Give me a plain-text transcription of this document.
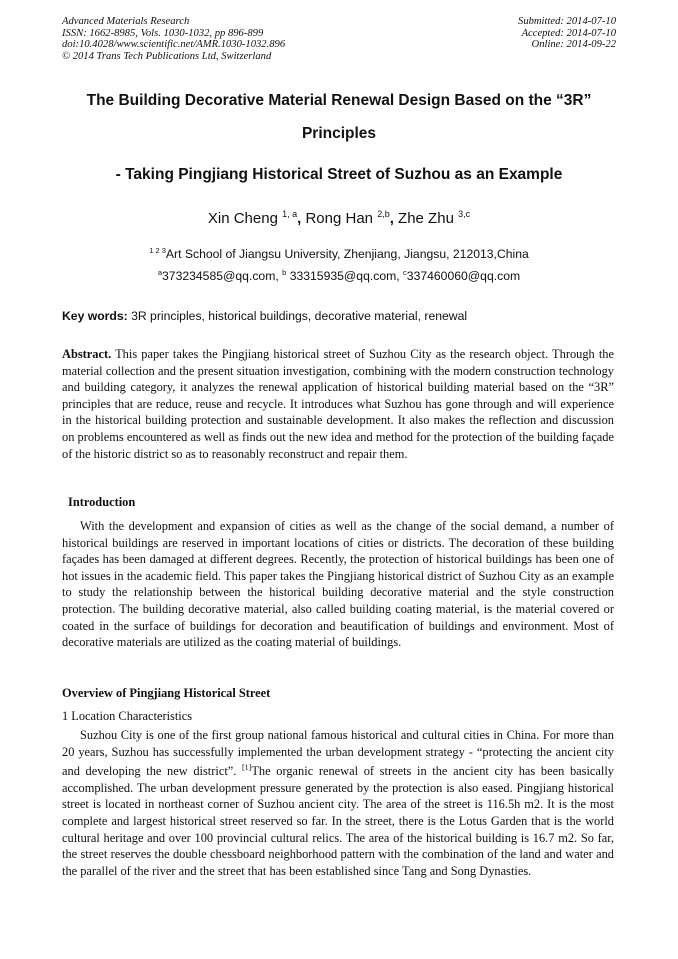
Advanced Materials Research
ISSN: 1662-8985, Vols. 1030-1032, pp 896-899
doi:10.4028/www.scientific.net/AMR.1030-1032.896
© 2014 Trans Tech Publications Ltd, Switzerland
Submitted: 2014-07-10
Accepted: 2014-07-10
Online: 2014-09-22
The Building Decorative Material Renewal Design Based on the “3R”
Principles
- Taking Pingjiang Historical Street of Suzhou as an Example
Xin Cheng $^{1, a}$, Rong Han $^{2,b}$, Zhe Zhu $^{3,c}$
$^{1 2 3}$Art School of Jiangsu University, Zhenjiang, Jiangsu, 212013,China
$^a$373234585@qq.com, $^b$ 33315935@qq.com, $^c$337460060@qq.com
Key words: 3R principles, historical buildings, decorative material, renewal
Abstract. This paper takes the Pingjiang historical street of Suzhou City as the research object. Through the material collection and the present situation investigation, combining with the modern construction technology and building category, it analyzes the renewal application of historical building material based on the “3R” principles that are reduce, reuse and recycle. It introduces what Suzhou has gone through and will experience in the historical building protection and sustainable development. It also makes the reflection and discussion on problems encountered as well as finds out the new idea and method for the protection of the building façade of the historic district so as to reasonably reconstruct and repair them.
Introduction
With the development and expansion of cities as well as the change of the social demand, a number of historical buildings are reserved in important locations of cities or districts. The decoration of these building façades has been damaged at different degrees. Recently, the protection of historical buildings has been one of hot issues in the academic field. This paper takes the Pingjiang historical district of Suzhou City as an example to study the relationship between the historical building decorative material and the style construction protection. The building decorative material, also called building coating material, is the material covered or coated in the surface of buildings for decoration and beautification of buildings and environment. Most of decorative materials are utilized as the coating material of buildings.
Overview of Pingjiang Historical Street
1 Location Characteristics
Suzhou City is one of the first group national famous historical and cultural cities in China. For more than 20 years, Suzhou has successfully implemented the urban development strategy - “protecting the ancient city and developing the new district”. [1]The organic renewal of streets in the ancient city has been basically accomplished. The urban development pressure generated by the protection is also eased. Pingjiang historical street is located in northeast corner of Suzhou ancient city. The area of the street is 116.5h m2. It is the most complete and largest historical street reserved so far. In the street, there is the Lotus Garden that is the world cultural heritage and over 100 provincial cultural relics. The area of the historical building is 16.7 m2. So far, the street reserves the double chessboard neighborhood pattern with the combination of the land and water and the parallel of the river and the street that has been established since Tang and Song Dynasties.
